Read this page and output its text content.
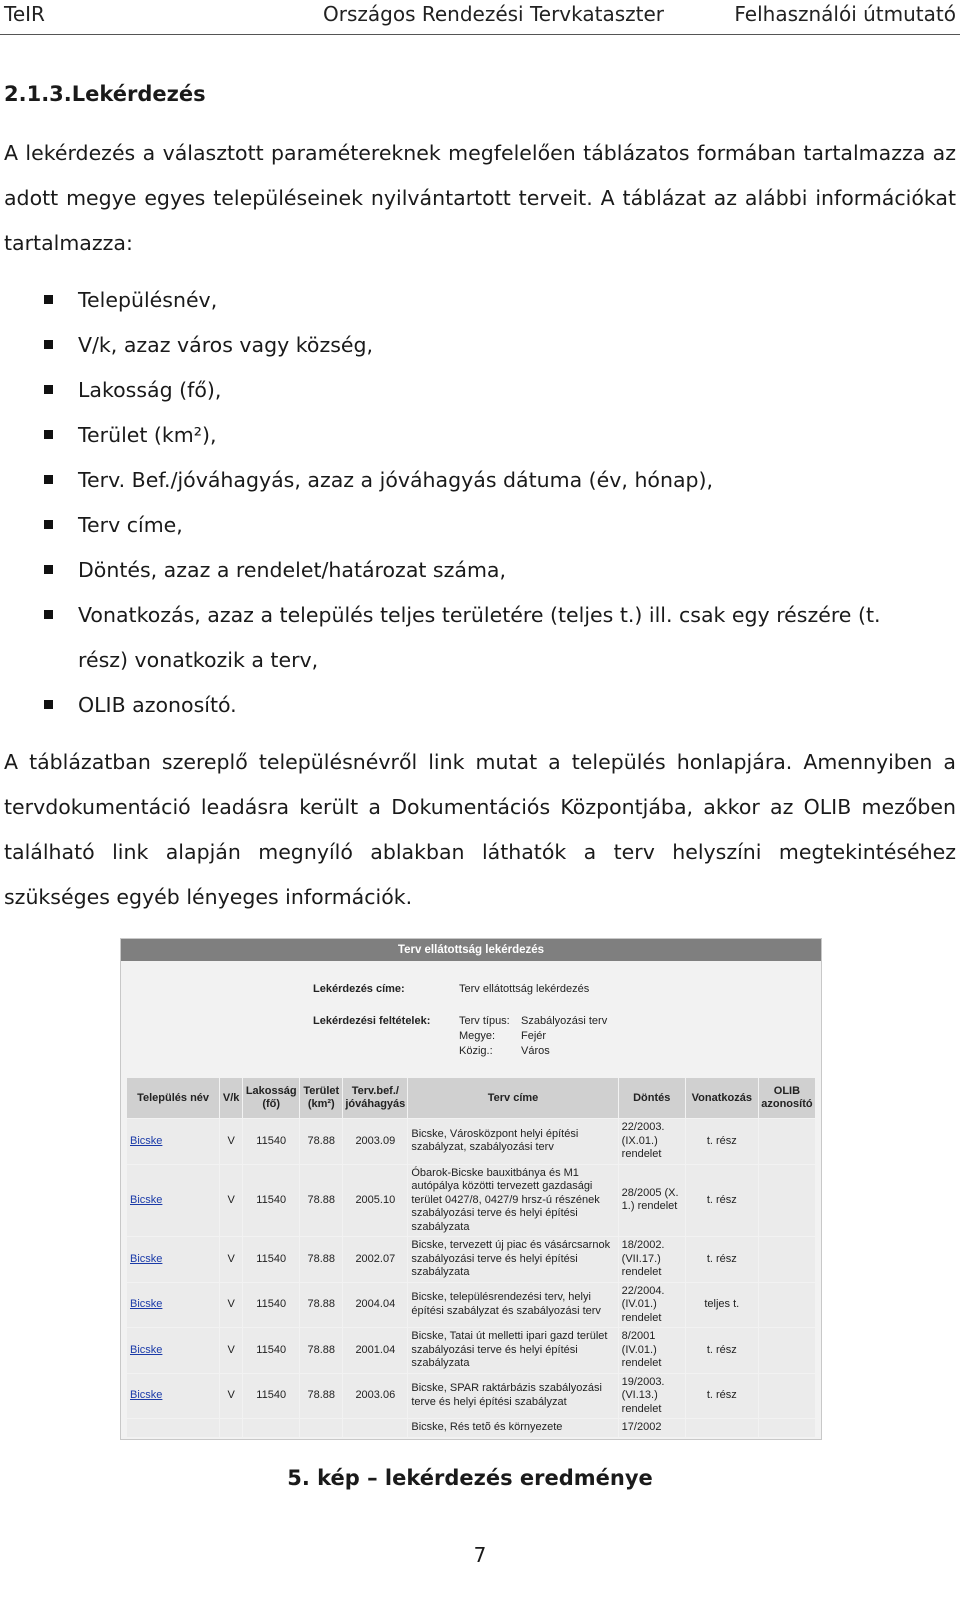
TeIR	Országos Rendezési Tervkataszter	Felhasználói útmutató
2.1.3.Lekérdezés
A lekérdezés a választott paramétereknek megfelelően táblázatos formában tartalmazza az adott megye egyes településeinek nyilvántartott terveit. A táblázat az alábbi információkat tartalmazza:
Településnév,
V/k, azaz város vagy község,
Lakosság (fő),
Terület (km²),
Terv. Bef./jóváhagyás, azaz a jóváhagyás dátuma (év, hónap),
Terv címe,
Döntés, azaz a rendelet/határozat száma,
Vonatkozás, azaz a település teljes területére (teljes t.) ill. csak egy részére (t. rész) vonatkozik a terv,
OLIB azonosító.
A táblázatban szereplő településnévről link mutat a település honlapjára. Amennyiben a tervdokumentáció leadásra került a Dokumentációs Központjába, akkor az OLIB mezőben található link alapján megnyíló ablakban láthatók a terv helyszíni megtekintéséhez szükséges egyéb lényeges információk.
Terv ellátottság lekérdezés
Lekérdezés címe:	Terv ellátottság lekérdezés
Lekérdezési feltételek:	Terv típus: Szabályozási terv
Megye: Fejér
Közig.:	Város
Település név	V/k	Lakosság (fő)	Terület (km²)	Terv.bef./ jóváhagyás	Terv címe	Döntés	Vonatkozás	OLIB azonosító
Bicske	V	11540	78.88	2003.09	Bicske, Városközpont helyi építési szabályzat, szabályozási terv	22/2003. (IX.01.) rendelet	t. rész	
Bicske	V	11540	78.88	2005.10	Óbarok-Bicske bauxitbánya és M1 autópálya közötti tervezett gazdasági terület 0427/8, 0427/9 hrsz-ú részének szabályozási terve és helyi építési szabályzata	28/2005 (X. 1.) rendelet	t. rész	
Bicske	V	11540	78.88	2002.07	Bicske, tervezett új piac és vásárcsarnok szabályozási terve és helyi építési szabályzata	18/2002. (VII.17.) rendelet	t. rész	
Bicske	V	11540	78.88	2004.04	Bicske, településrendezési terv, helyi építési szabályzat és szabályozási terv	22/2004. (IV.01.) rendelet	teljes t.	
Bicske	V	11540	78.88	2001.04	Bicske, Tatai út melletti ipari gazd terület szabályozási terve és helyi építési szabályzata	8/2001 (IV.01.) rendelet	t. rész	
Bicske	V	11540	78.88	2003.06	Bicske, SPAR raktárbázis szabályozási terve és helyi építési szabályzat	19/2003. (VI.13.) rendelet	t. rész	
					Bicske, Rés tetõ és környezete	17/2002		
5. kép – lekérdezés eredménye
7
